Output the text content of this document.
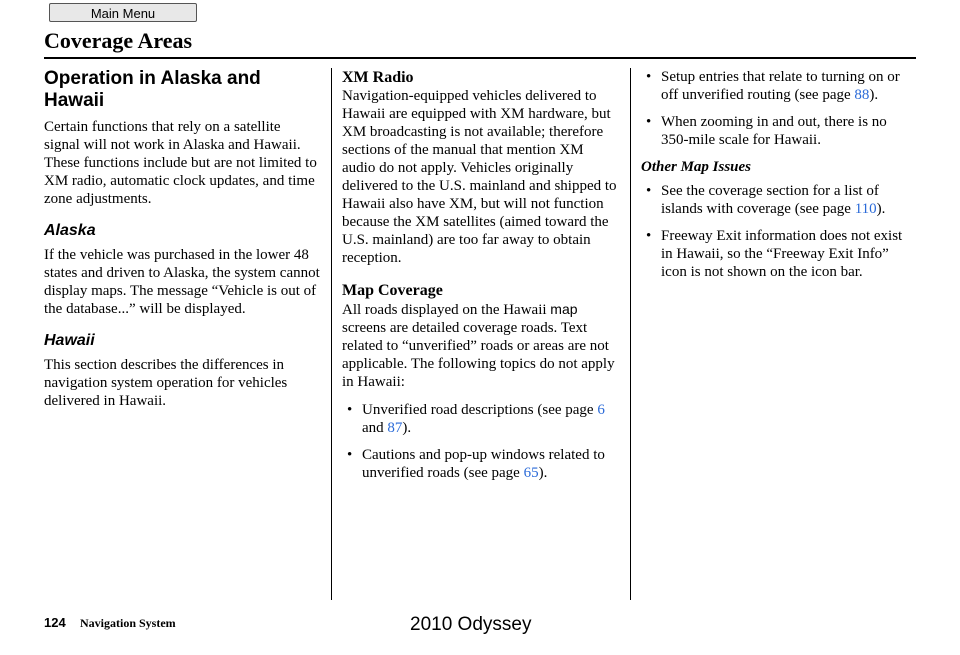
Main Menu
Coverage Areas
Operation in Alaska and Hawaii

Certain functions that rely on a satellite signal will not work in Alaska and Hawaii. These functions include but are not limited to XM radio, automatic clock updates, and time zone adjustments.

Alaska

If the vehicle was purchased in the lower 48 states and driven to Alaska, the system cannot display maps. The message “Vehicle is out of the database...” will be displayed.

Hawaii

This section describes the differences in navigation system operation for vehicles delivered in Hawaii.

XM Radio

Navigation-equipped vehicles delivered to Hawaii are equipped with XM hardware, but XM broadcasting is not available; therefore sections of the manual that mention XM audio do not apply. Vehicles originally delivered to the U.S. mainland and shipped to Hawaii also have XM, but will not function because the XM satellites (aimed toward the U.S. mainland) are too far away to obtain reception.

Map Coverage

All roads displayed on the Hawaii map screens are detailed coverage roads. Text related to “unverified” roads or areas are not applicable. The following topics do not apply in Hawaii:

• Unverified road descriptions (see page 6 and 87).
• Cautions and pop-up windows related to unverified roads (see page 65).
• Setup entries that relate to turning on or off unverified routing (see page 88).
• When zooming in and out, there is no 350-mile scale for Hawaii.

Other Map Issues

• See the coverage section for a list of islands with coverage (see page 110).
• Freeway Exit information does not exist in Hawaii, so the “Freeway Exit Info” icon is not shown on the icon bar.
124 Navigation System	2010 Odyssey
